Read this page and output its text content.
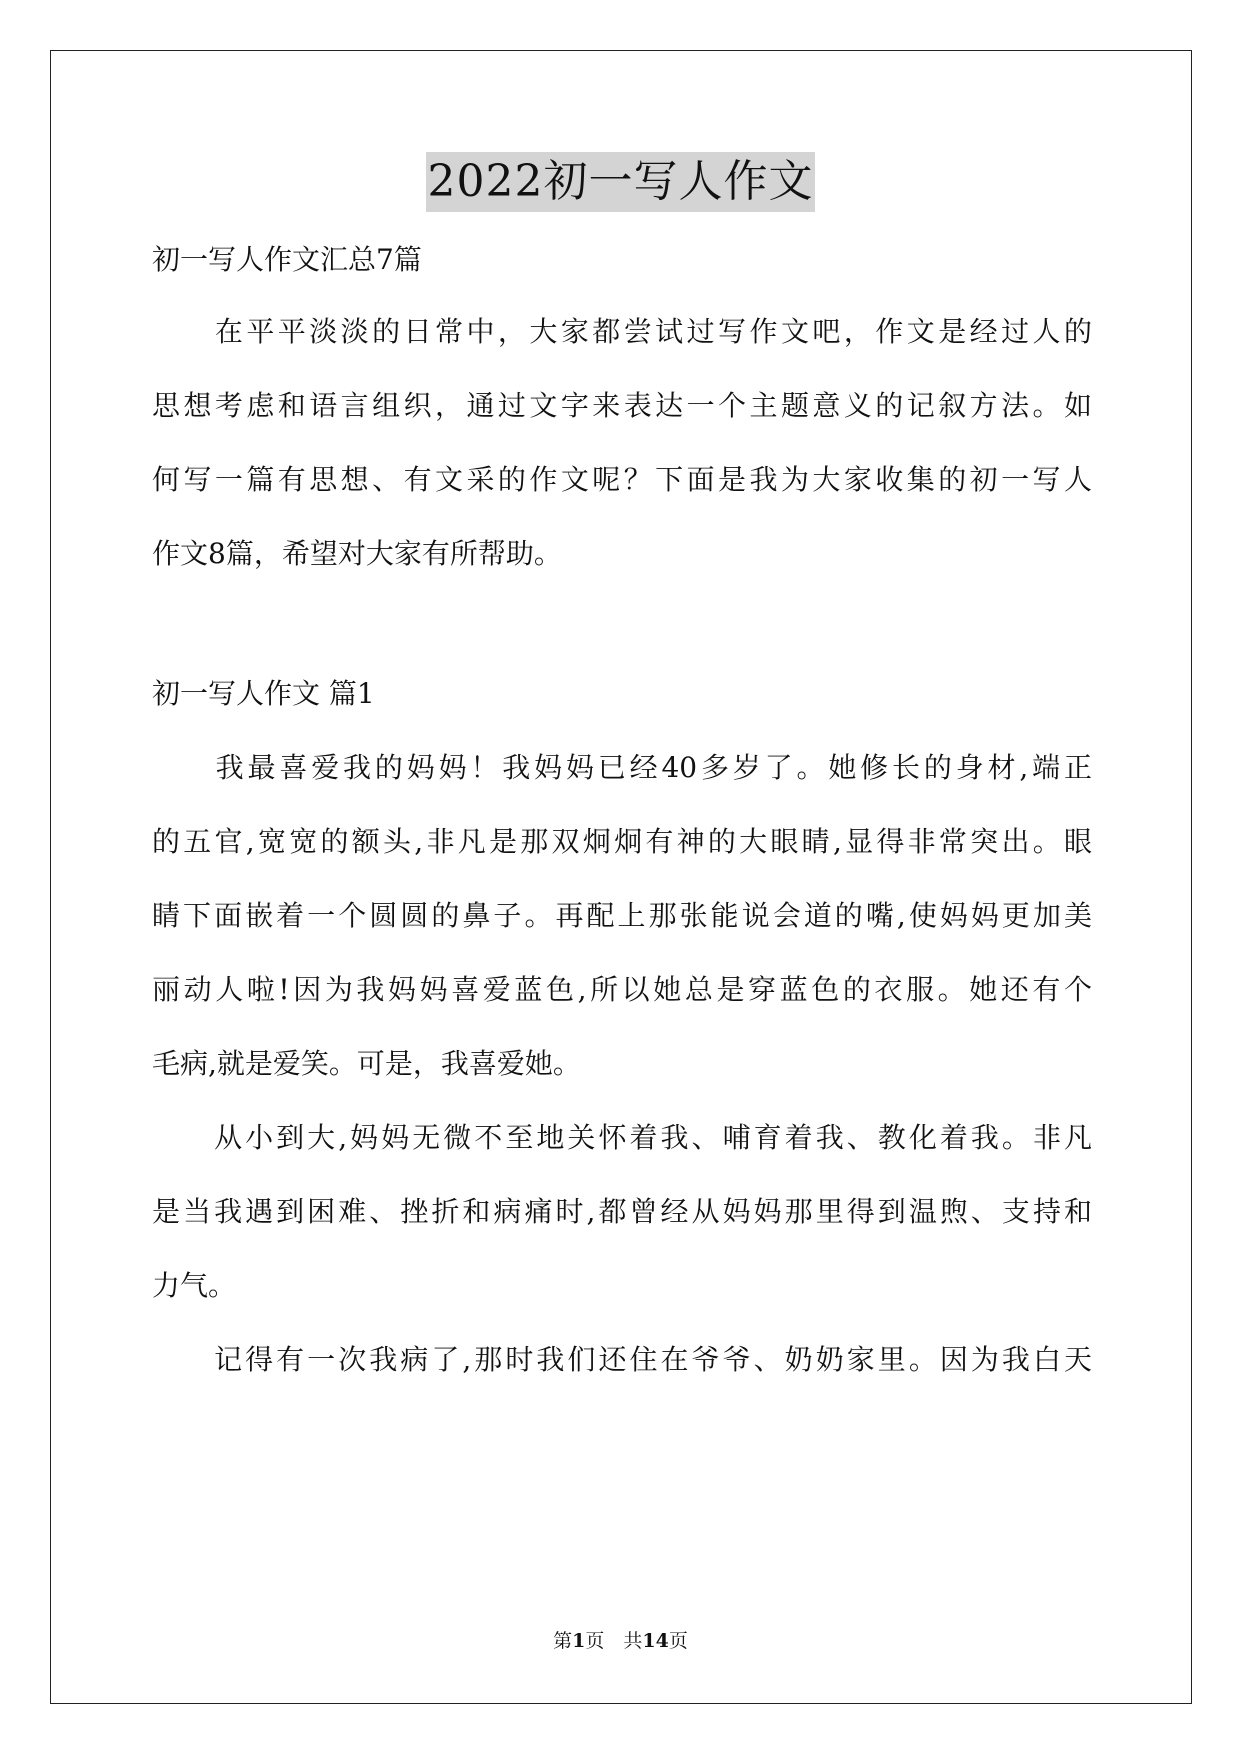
2022初一写人作文
初一写人作文汇总7篇
　　在平平淡淡的日常中，大家都尝试过写作文吧，作文是经过人的
思想考虑和语言组织，通过文字来表达一个主题意义的记叙方法。如
何写一篇有思想、有文采的作文呢？下面是我为大家收集的初一写人
作文8篇，希望对大家有所帮助。
初一写人作文 篇1
　　我最喜爱我的妈妈！我妈妈已经40多岁了。她修长的身材,端正
的五官,宽宽的额头,非凡是那双炯炯有神的大眼睛,显得非常突出。眼
睛下面嵌着一个圆圆的鼻子。再配上那张能说会道的嘴,使妈妈更加美
丽动人啦!因为我妈妈喜爱蓝色,所以她总是穿蓝色的衣服。她还有个
毛病,就是爱笑。可是，我喜爱她。
　　从小到大,妈妈无微不至地关怀着我、哺育着我、教化着我。非凡
是当我遇到困难、挫折和病痛时,都曾经从妈妈那里得到温煦、支持和
力气。
　　记得有一次我病了,那时我们还住在爷爷、奶奶家里。因为我白天
第1页　共14页
